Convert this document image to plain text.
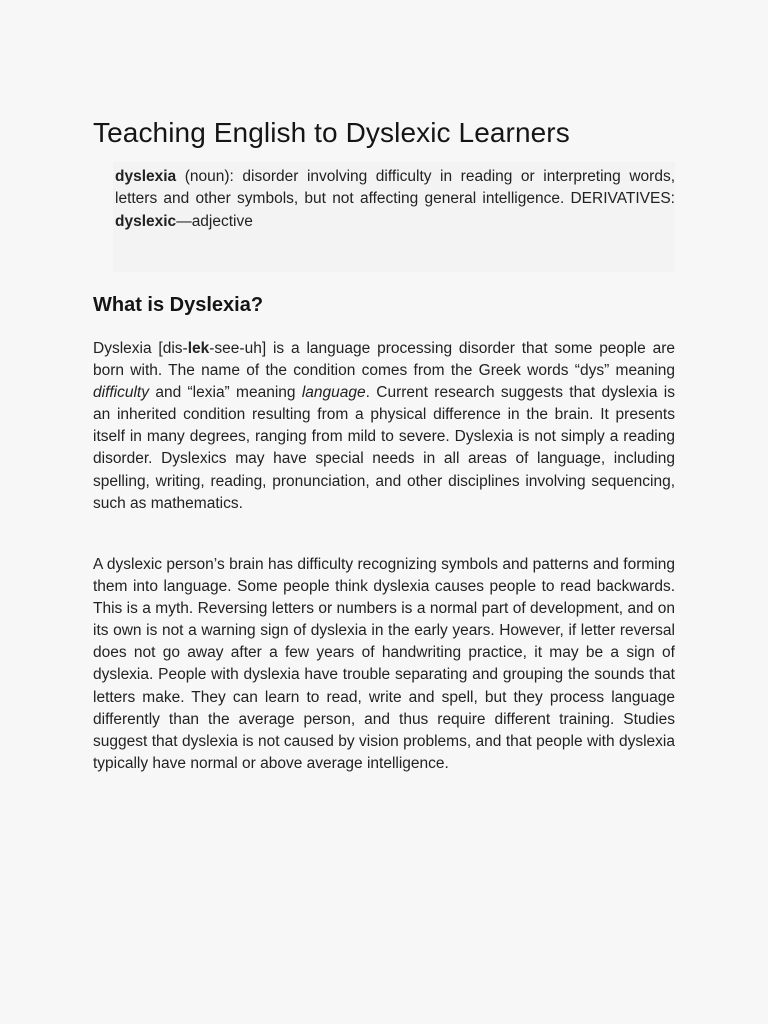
Teaching English to Dyslexic Learners

dyslexia (noun): disorder involving difficulty in reading or interpreting words, letters and other symbols, but not affecting general intelligence. DERIVATIVES: dyslexic—adjective

What is Dyslexia?

Dyslexia [dis-lek-see-uh] is a language processing disorder that some people are born with. The name of the condition comes from the Greek words “dys” meaning difficulty and “lexia” meaning language. Current research suggests that dyslexia is an inherited condition resulting from a physical difference in the brain. It presents itself in many degrees, ranging from mild to severe. Dyslexia is not simply a reading disorder. Dyslexics may have special needs in all areas of language, including spelling, writing, reading, pronunciation, and other disciplines involving sequencing, such as mathematics.

A dyslexic person’s brain has difficulty recognizing symbols and patterns and forming them into language. Some people think dyslexia causes people to read backwards. This is a myth. Reversing letters or numbers is a normal part of development, and on its own is not a warning sign of dyslexia in the early years. However, if letter reversal does not go away after a few years of handwriting practice, it may be a sign of dyslexia. People with dyslexia have trouble separating and grouping the sounds that letters make. They can learn to read, write and spell, but they process language differently than the average person, and thus require different training. Studies suggest that dyslexia is not caused by vision problems, and that people with dyslexia typically have normal or above average intelligence.
